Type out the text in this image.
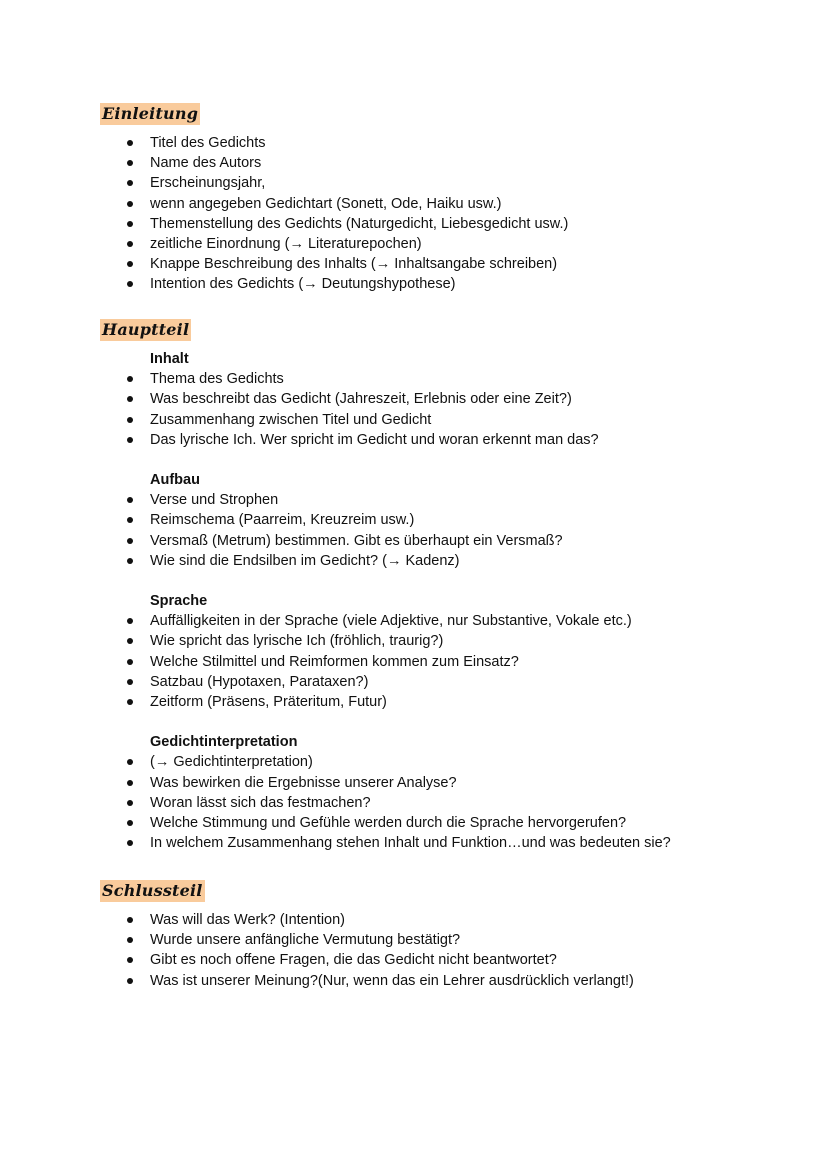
Einleitung
Titel des Gedichts
Name des Autors
Erscheinungsjahr,
wenn angegeben Gedichtart (Sonett, Ode, Haiku usw.)
Themenstellung des Gedichts (Naturgedicht, Liebesgedicht usw.)
zeitliche Einordnung (→ Literaturepochen)
Knappe Beschreibung des Inhalts (→ Inhaltsangabe schreiben)
Intention des Gedichts (→ Deutungshypothese)
Hauptteil
Inhalt
Thema des Gedichts
Was beschreibt das Gedicht (Jahreszeit, Erlebnis oder eine Zeit?)
Zusammenhang zwischen Titel und Gedicht
Das lyrische Ich. Wer spricht im Gedicht und woran erkennt man das?
Aufbau
Verse und Strophen
Reimschema (Paarreim, Kreuzreim usw.)
Versmaß (Metrum) bestimmen. Gibt es überhaupt ein Versmaß?
Wie sind die Endsilben im Gedicht? (→ Kadenz)
Sprache
Auffälligkeiten in der Sprache (viele Adjektive, nur Substantive, Vokale etc.)
Wie spricht das lyrische Ich (fröhlich, traurig?)
Welche Stilmittel und Reimformen kommen zum Einsatz?
Satzbau (Hypotaxen, Parataxen?)
Zeitform (Präsens, Präteritum, Futur)
Gedichtinterpretation
(→ Gedichtinterpretation)
Was bewirken die Ergebnisse unserer Analyse?
Woran lässt sich das festmachen?
Welche Stimmung und Gefühle werden durch die Sprache hervorgerufen?
In welchem Zusammenhang stehen Inhalt und Funktion…und was bedeuten sie?
Schlussteil
Was will das Werk? (Intention)
Wurde unsere anfängliche Vermutung bestätigt?
Gibt es noch offene Fragen, die das Gedicht nicht beantwortet?
Was ist unserer Meinung?(Nur, wenn das ein Lehrer ausdrücklich verlangt!)
